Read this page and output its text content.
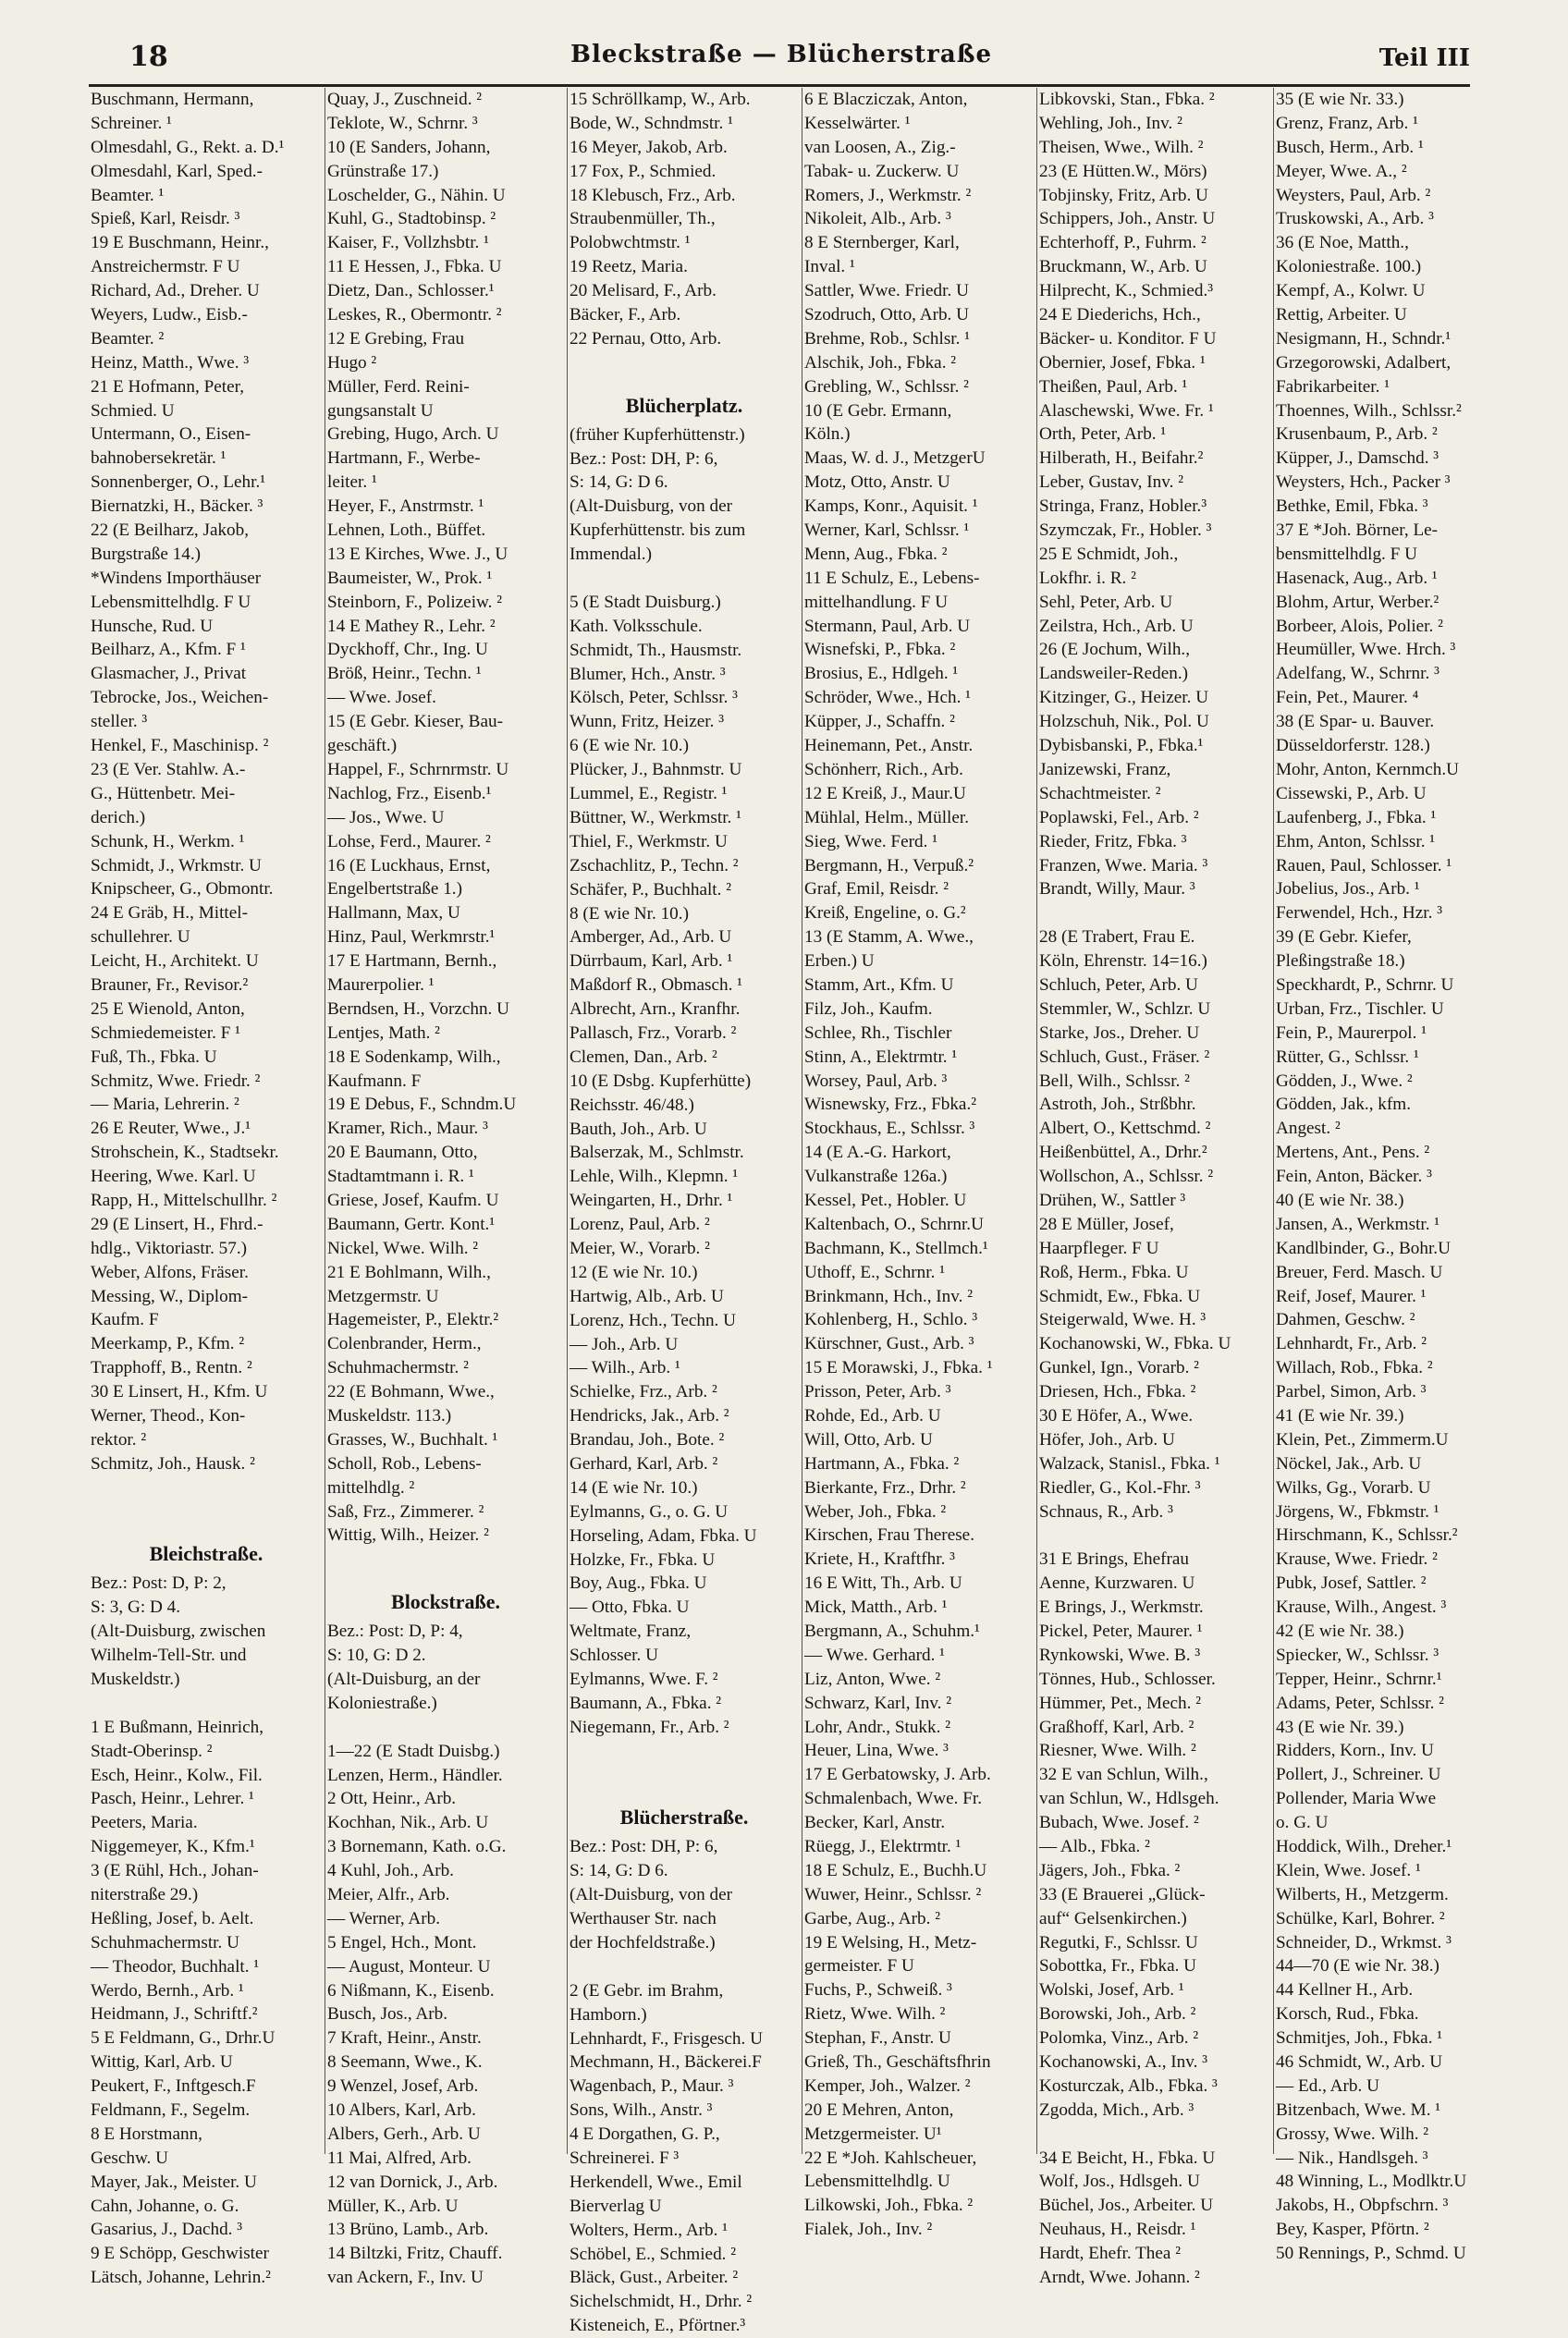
18	Bleckstraße — Blücherstraße	Teil III
Buschmann, Hermann,
Schreiner. ¹
Olmesdahl, G., Rekt. a. D.¹
Olmesdahl, Karl, Sped.-
Beamter. ¹
Spieß, Karl, Reisdr. ³
19 E Buschmann, Heinr.,
Anstreichermstr. F U
Richard, Ad., Dreher. U
Weyers, Ludw., Eisb.-
Beamter. ²
Heinz, Matth., Wwe. ³
21 E Hofmann, Peter,
Schmied. U
Untermann, O., Eisen-
bahnobersekretär. ¹
Sonnenberger, O., Lehr.¹
Biernatzki, H., Bäcker. ³
22 (E Beilharz, Jakob,
Burgstraße 14.)
*Windens Importhäuser
Lebensmittelhdlg. F U
Hunsche, Rud. U
Beilharz, A., Kfm. F ¹
Glasmacher, J., Privat
Tebrocke, Jos., Weichen-
steller. ³
Henkel, F., Maschinisp. ²
23 (E Ver. Stahlw. A.-
G., Hüttenbetr. Mei-
derich.)
Schunk, H., Werkm. ¹
Schmidt, J., Wrkmstr. U
Knipscheer, G., Obmontr.
24 E Gräb, H., Mittel-
schullehrer. U
Leicht, H., Architekt. U
Brauner, Fr., Revisor.²
25 E Wienold, Anton,
Schmiedemeister. F ¹
Fuß, Th., Fbka. U
Schmitz, Wwe. Friedr. ²
— Maria, Lehrerin. ²
26 E Reuter, Wwe., J.¹
Strohschein, K., Stadtsekr.
Heering, Wwe. Karl. U
Rapp, H., Mittelschullhr. ²
29 (E Linsert, H., Fhrd.-
hdlg., Viktoriastr. 57.)
Weber, Alfons, Fräser.
Messing, W., Diplom-
Kaufm. F
Meerkamp, P., Kfm. ²
Trapphoff, B., Rentn. ²
30 E Linsert, H., Kfm. U
Werner, Theod., Kon-
rektor. ²
Schmitz, Joh., Hausk. ²
Bleichstraße.
Bez.: Post: D, P: 2,
S: 3, G: D 4.
(Alt-Duisburg, zwischen
Wilhelm-Tell-Str. und
Muskeldstr.)
1 E Bußmann, Heinrich,
Stadt-Oberinsp. ²
Esch, Heinr., Kolw., Fil.
Pasch, Heinr., Lehrer. ¹
Peeters, Maria.
Niggemeyer, K., Kfm.¹
3 (E Rühl, Hch., Johan-
niterstraße 29.)
Heßling, Josef, b. Aelt.
Schuhmachermstr. U
— Theodor, Buchhalt. ¹
Werdo, Bernh., Arb. ¹
Heidmann, J., Schriftf.²
5 E Feldmann, G., Drhr.U
Wittig, Karl, Arb. U
Peukert, F., Inftgesch.F
Feldmann, F., Segelm.
8 E Horstmann,
Geschw. U
Mayer, Jak., Meister. U
Cahn, Johanne, o. G.
Gasarius, J., Dachd. ³
9 E Schöpp, Geschwister
Lätsch, Johanne, Lehrin.²
Quay, J., Zuschneid. ²
Teklote, W., Schrnr. ³
10 (E Sanders, Johann,
Grünstraße 17.)
Loschelder, G., Nähin. U
Kuhl, G., Stadtobinsp. ²
Kaiser, F., Vollzhsbtr. ¹
11 E Hessen, J., Fbka. U
Dietz, Dan., Schlosser.¹
Leskes, R., Obermontr. ²
12 E Grebing, Frau
Hugo ²
Müller, Ferd. Reini-
gungsanstalt U
Grebing, Hugo, Arch. U
Hartmann, F., Werbe-
leiter. ¹
Heyer, F., Anstrmstr. ¹
Lehnen, Loth., Büffet.
13 E Kirches, Wwe. J., U
Baumeister, W., Prok. ¹
Steinborn, F., Polizeiw. ²
14 E Mathey R., Lehr. ²
Dyckhoff, Chr., Ing. U
Bröß, Heinr., Techn. ¹
— Wwe. Josef.
15 (E Gebr. Kieser, Bau-
geschäft.)
Happel, F., Schrnrmstr. U
Nachlog, Frz., Eisenb.¹
— Jos., Wwe. U
Lohse, Ferd., Maurer. ²
16 (E Luckhaus, Ernst,
Engelbertstraße 1.)
Hallmann, Max, U
Hinz, Paul, Werkmrstr.¹
17 E Hartmann, Bernh.,
Maurerpolier. ¹
Berndsen, H., Vorzchn. U
Lentjes, Math. ²
18 E Sodenkamp, Wilh.,
Kaufmann. F
19 E Debus, F., Schndm.U
Kramer, Rich., Maur. ³
20 E Baumann, Otto,
Stadtamtmann i. R. ¹
Griese, Josef, Kaufm. U
Baumann, Gertr. Kont.¹
Nickel, Wwe. Wilh. ²
21 E Bohlmann, Wilh.,
Metzgermstr. U
Hagemeister, P., Elektr.²
Colenbrander, Herm.,
Schuhmachermstr. ²
22 (E Bohmann, Wwe.,
Muskeldstr. 113.)
Grasses, W., Buchhalt. ¹
Scholl, Rob., Lebens-
mittelhdlg. ²
Saß, Frz., Zimmerer. ²
Wittig, Wilh., Heizer. ²
Blockstraße.
Bez.: Post: D, P: 4,
S: 10, G: D 2.
(Alt-Duisburg, an der
Koloniestraße.)
1—22 (E Stadt Duisbg.)
Lenzen, Herm., Händler.
2 Ott, Heinr., Arb.
Kochhan, Nik., Arb. U
3 Bornemann, Kath. o.G.
4 Kuhl, Joh., Arb.
Meier, Alfr., Arb.
— Werner, Arb.
5 Engel, Hch., Mont.
— August, Monteur. U
6 Nißmann, K., Eisenb.
Busch, Jos., Arb.
7 Kraft, Heinr., Anstr.
8 Seemann, Wwe., K.
9 Wenzel, Josef, Arb.
10 Albers, Karl, Arb.
Albers, Gerh., Arb. U
11 Mai, Alfred, Arb.
12 van Dornick, J., Arb.
Müller, K., Arb. U
13 Brüno, Lamb., Arb.
14 Biltzki, Fritz, Chauff.
van Ackern, F., Inv. U
15 Schröllkamp, W., Arb.
Bode, W., Schndmstr. ¹
16 Meyer, Jakob, Arb.
17 Fox, P., Schmied.
18 Klebusch, Frz., Arb.
Straubenmüller, Th.,
Polobwchtmstr. ¹
19 Reetz, Maria.
20 Melisard, F., Arb.
Bäcker, F., Arb.
22 Pernau, Otto, Arb.
Blücherplatz.
(früher Kupferhüttenstr.)
Bez.: Post: DH, P: 6,
S: 14, G: D 6.
(Alt-Duisburg, von der
Kupferhüttenstr. bis zum
Immendal.)
5 (E Stadt Duisburg.)
Kath. Volksschule.
Schmidt, Th., Hausmstr.
Blumer, Hch., Anstr. ³
Kölsch, Peter, Schlssr. ³
Wunn, Fritz, Heizer. ³
6 (E wie Nr. 10.)
Plücker, J., Bahnmstr. U
Lummel, E., Registr. ¹
Büttner, W., Werkmstr. ¹
Thiel, F., Werkmstr. U
Zschachlitz, P., Techn. ²
Schäfer, P., Buchhalt. ²
8 (E wie Nr. 10.)
Amberger, Ad., Arb. U
Dürrbaum, Karl, Arb. ¹
Maßdorf R., Obmasch. ¹
Albrecht, Arn., Kranfhr.
Pallasch, Frz., Vorarb. ²
Clemen, Dan., Arb. ²
10 (E Dsbg. Kupferhütte)
Reichsstr. 46/48.)
Bauth, Joh., Arb. U
Balserzak, M., Schlmstr.
Lehle, Wilh., Klepmn. ¹
Weingarten, H., Drhr. ¹
Lorenz, Paul, Arb. ²
Meier, W., Vorarb. ²
12 (E wie Nr. 10.)
Hartwig, Alb., Arb. U
Lorenz, Hch., Techn. U
— Joh., Arb. U
— Wilh., Arb. ¹
Schielke, Frz., Arb. ²
Hendricks, Jak., Arb. ²
Brandau, Joh., Bote. ²
Gerhard, Karl, Arb. ²
14 (E wie Nr. 10.)
Eylmanns, G., o. G. U
Horseling, Adam, Fbka. U
Holzke, Fr., Fbka. U
Boy, Aug., Fbka. U
— Otto, Fbka. U
Weltmate, Franz,
Schlosser. U
Eylmanns, Wwe. F. ²
Baumann, A., Fbka. ²
Niegemann, Fr., Arb. ²
Blücherstraße.
Bez.: Post: DH, P: 6,
S: 14, G: D 6.
(Alt-Duisburg, von der
Werthauser Str. nach
der Hochfeldstraße.)
2 (E Gebr. im Brahm,
Hamborn.)
Lehnhardt, F., Frisgesch. U
Mechmann, H., Bäckerei.F
Wagenbach, P., Maur. ³
Sons, Wilh., Anstr. ³
4 E Dorgathen, G. P.,
Schreinerei. F ³
Herkendell, Wwe., Emil
Bierverlag U
Wolters, Herm., Arb. ¹
Schöbel, E., Schmied. ²
Bläck, Gust., Arbeiter. ²
Sichelschmidt, H., Drhr. ²
Kisteneich, E., Pförtner.³
6 E Blacziczak, Anton,
Kesselwärter. ¹
van Loosen, A., Zig.-
Tabak- u. Zuckerw. U
Romers, J., Werkmstr. ²
Nikoleit, Alb., Arb. ³
8 E Sternberger, Karl,
Inval. ¹
Sattler, Wwe. Friedr. U
Szodruch, Otto, Arb. U
Brehme, Rob., Schlsr. ¹
Alschik, Joh., Fbka. ²
Grebling, W., Schlssr. ²
10 (E Gebr. Ermann,
Köln.)
Maas, W. d. J., MetzgerU
Motz, Otto, Anstr. U
Kamps, Konr., Aquisit. ¹
Werner, Karl, Schlssr. ¹
Menn, Aug., Fbka. ²
11 E Schulz, E., Lebens-
mittelhandlung. F U
Stermann, Paul, Arb. U
Wisnefski, P., Fbka. ²
Brosius, E., Hdlgeh. ¹
Schröder, Wwe., Hch. ¹
Küpper, J., Schaffn. ²
Heinemann, Pet., Anstr.
Schönherr, Rich., Arb.
12 E Kreiß, J., Maur.U
Mühlal, Helm., Müller.
Sieg, Wwe. Ferd. ¹
Bergmann, H., Verpuß.²
Graf, Emil, Reisdr. ²
Kreiß, Engeline, o. G.²
13 (E Stamm, A. Wwe.,
Erben.) U
Stamm, Art., Kfm. U
Filz, Joh., Kaufm.
Schlee, Rh., Tischler
Stinn, A., Elektrmtr. ¹
Worsey, Paul, Arb. ³
Wisnewsky, Frz., Fbka.²
Stockhaus, E., Schlssr. ³
14 (E A.-G. Harkort,
Vulkanstraße 126a.)
Kessel, Pet., Hobler. U
Kaltenbach, O., Schrnr.U
Bachmann, K., Stellmch.¹
Uthoff, E., Schrnr. ¹
Brinkmann, Hch., Inv. ²
Kohlenberg, H., Schlo. ³
Kürschner, Gust., Arb. ³
15 E Morawski, J., Fbka. ¹
Prisson, Peter, Arb. ³
Rohde, Ed., Arb. U
Will, Otto, Arb. U
Hartmann, A., Fbka. ²
Bierkante, Frz., Drhr. ²
Weber, Joh., Fbka. ²
Kirschen, Frau Therese.
Kriete, H., Kraftfhr. ³
16 E Witt, Th., Arb. U
Mick, Matth., Arb. ¹
Bergmann, A., Schuhm.¹
— Wwe. Gerhard. ¹
Liz, Anton, Wwe. ²
Schwarz, Karl, Inv. ²
Lohr, Andr., Stukk. ²
Heuer, Lina, Wwe. ³
17 E Gerbatowsky, J. Arb.
Schmalenbach, Wwe. Fr.
Becker, Karl, Anstr.
Rüegg, J., Elektrmtr. ¹
18 E Schulz, E., Buchh.U
Wuwer, Heinr., Schlssr. ²
Garbe, Aug., Arb. ²
19 E Welsing, H., Metz-
germeister. F U
Fuchs, P., Schweiß. ³
Rietz, Wwe. Wilh. ²
Stephan, F., Anstr. U
Grieß, Th., Geschäftsfhrin
Kemper, Joh., Walzer. ²
20 E Mehren, Anton,
Metzgermeister. U¹
22 E *Joh. Kahlscheuer,
Lebensmittelhdlg. U
Lilkowski, Joh., Fbka. ²
Fialek, Joh., Inv. ²
Libkovski, Stan., Fbka. ²
Wehling, Joh., Inv. ²
Theisen, Wwe., Wilh. ²
23 (E Hütten.W., Mörs)
Tobjinsky, Fritz, Arb. U
Schippers, Joh., Anstr. U
Echterhoff, P., Fuhrm. ²
Bruckmann, W., Arb. U
Hilprecht, K., Schmied.³
24 E Diederichs, Hch.,
Bäcker- u. Konditor. F U
Obernier, Josef, Fbka. ¹
Theißen, Paul, Arb. ¹
Alaschewski, Wwe. Fr. ¹
Orth, Peter, Arb. ¹
Hilberath, H., Beifahr.²
Leber, Gustav, Inv. ²
Stringa, Franz, Hobler.³
Szymczak, Fr., Hobler. ³
25 E Schmidt, Joh.,
Lokfhr. i. R. ²
Sehl, Peter, Arb. U
Zeilstra, Hch., Arb. U
26 (E Jochum, Wilh.,
Landsweiler-Reden.)
Kitzinger, G., Heizer. U
Holzschuh, Nik., Pol. U
Dybisbanski, P., Fbka.¹
Janizewski, Franz,
Schachtmeister. ²
Poplawski, Fel., Arb. ²
Rieder, Fritz, Fbka. ³
Franzen, Wwe. Maria. ³
Brandt, Willy, Maur. ³
28 (E Trabert, Frau E.
Köln, Ehrenstr. 14=16.)
Schluch, Peter, Arb. U
Stemmler, W., Schlzr. U
Starke, Jos., Dreher. U
Schluch, Gust., Fräser. ²
Bell, Wilh., Schlssr. ²
Astroth, Joh., Strßbhr.
Albert, O., Kettschmd. ²
Heißenbüttel, A., Drhr.²
Wollschon, A., Schlssr. ²
Drühen, W., Sattler ³
28 E Müller, Josef,
Haarpfleger. F U
Roß, Herm., Fbka. U
Schmidt, Ew., Fbka. U
Steigerwald, Wwe. H. ³
Kochanowski, W., Fbka. U
Gunkel, Ign., Vorarb. ²
Driesen, Hch., Fbka. ²
30 E Höfer, A., Wwe.
Höfer, Joh., Arb. U
Walzack, Stanisl., Fbka. ¹
Riedler, G., Kol.-Fhr. ³
Schnaus, R., Arb. ³
31 E Brings, Ehefrau
Aenne, Kurzwaren. U
E Brings, J., Werkmstr.
Pickel, Peter, Maurer. ¹
Rynkowski, Wwe. B. ³
Tönnes, Hub., Schlosser.
Hümmer, Pet., Mech. ²
Graßhoff, Karl, Arb. ²
Riesner, Wwe. Wilh. ²
32 E van Schlun, Wilh.,
van Schlun, W., Hdlsgeh.
Bubach, Wwe. Josef. ²
— Alb., Fbka. ²
Jägers, Joh., Fbka. ²
33 (E Brauerei „Glück-
auf“ Gelsenkirchen.)
Regutki, F., Schlssr. U
Sobottka, Fr., Fbka. U
Wolski, Josef, Arb. ¹
Borowski, Joh., Arb. ²
Polomka, Vinz., Arb. ²
Kochanowski, A., Inv. ³
Kosturczak, Alb., Fbka. ³
Zgodda, Mich., Arb. ³
34 E Beicht, H., Fbka. U
Wolf, Jos., Hdlsgeh. U
Büchel, Jos., Arbeiter. U
Neuhaus, H., Reisdr. ¹
Hardt, Ehefr. Thea ²
Arndt, Wwe. Johann. ²
35 (E wie Nr. 33.)
Grenz, Franz, Arb. ¹
Busch, Herm., Arb. ¹
Meyer, Wwe. A., ²
Weysters, Paul, Arb. ²
Truskowski, A., Arb. ³
36 (E Noe, Matth.,
Koloniestraße. 100.)
Kempf, A., Kolwr. U
Rettig, Arbeiter. U
Nesigmann, H., Schndr.¹
Grzegorowski, Adalbert,
Fabrikarbeiter. ¹
Thoennes, Wilh., Schlssr.²
Krusenbaum, P., Arb. ²
Küpper, J., Damschd. ³
Weysters, Hch., Packer ³
Bethke, Emil, Fbka. ³
37 E *Joh. Börner, Le-
bensmittelhdlg. F U
Hasenack, Aug., Arb. ¹
Blohm, Artur, Werber.²
Borbeer, Alois, Polier. ²
Heumüller, Wwe. Hrch. ³
Adelfang, W., Schrnr. ³
Fein, Pet., Maurer. ⁴
38 (E Spar- u. Bauver.
Düsseldorferstr. 128.)
Mohr, Anton, Kernmch.U
Cissewski, P., Arb. U
Laufenberg, J., Fbka. ¹
Ehm, Anton, Schlssr. ¹
Rauen, Paul, Schlosser. ¹
Jobelius, Jos., Arb. ¹
Ferwendel, Hch., Hzr. ³
39 (E Gebr. Kiefer,
Pleßingstraße 18.)
Speckhardt, P., Schrnr. U
Urban, Frz., Tischler. U
Fein, P., Maurerpol. ¹
Rütter, G., Schlssr. ¹
Gödden, J., Wwe. ²
Gödden, Jak., kfm.
Angest. ²
Mertens, Ant., Pens. ²
Fein, Anton, Bäcker. ³
40 (E wie Nr. 38.)
Jansen, A., Werkmstr. ¹
Kandlbinder, G., Bohr.U
Breuer, Ferd. Masch. U
Reif, Josef, Maurer. ¹
Dahmen, Geschw. ²
Lehnhardt, Fr., Arb. ²
Willach, Rob., Fbka. ²
Parbel, Simon, Arb. ³
41 (E wie Nr. 39.)
Klein, Pet., Zimmerm.U
Nöckel, Jak., Arb. U
Wilks, Gg., Vorarb. U
Jörgens, W., Fbkmstr. ¹
Hirschmann, K., Schlssr.²
Krause, Wwe. Friedr. ²
Pubk, Josef, Sattler. ²
Krause, Wilh., Angest. ³
42 (E wie Nr. 38.)
Spiecker, W., Schlssr. ³
Tepper, Heinr., Schrnr.¹
Adams, Peter, Schlssr. ²
43 (E wie Nr. 39.)
Ridders, Korn., Inv. U
Pollert, J., Schreiner. U
Pollender, Maria Wwe
o. G. U
Hoddick, Wilh., Dreher.¹
Klein, Wwe. Josef. ¹
Wilberts, H., Metzgerm.
Schülke, Karl, Bohrer. ²
Schneider, D., Wrkmst. ³
44—70 (E wie Nr. 38.)
44 Kellner H., Arb.
Korsch, Rud., Fbka.
Schmitjes, Joh., Fbka. ¹
46 Schmidt, W., Arb. U
— Ed., Arb. U
Bitzenbach, Wwe. M. ¹
Grossy, Wwe. Wilh. ²
— Nik., Handlsgeh. ³
48 Winning, L., Modlktr.U
Jakobs, H., Obpfschrn. ³
Bey, Kasper, Pförtn. ²
50 Rennings, P., Schmd. U
